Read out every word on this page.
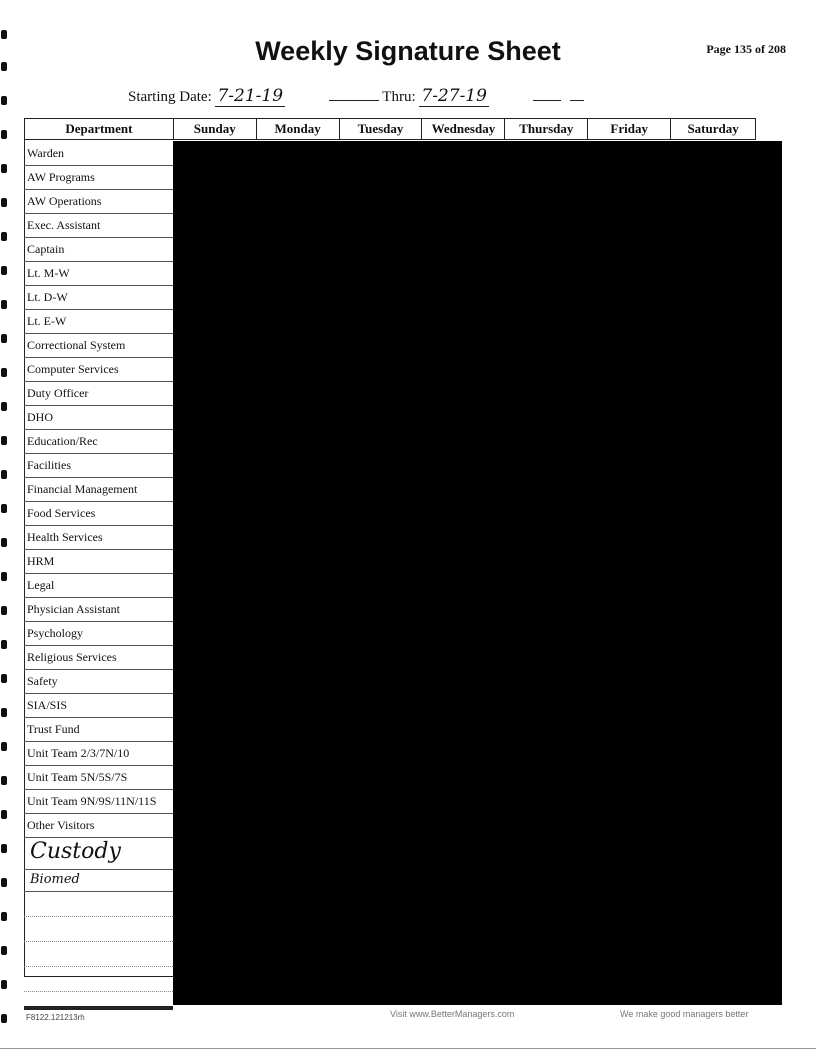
Weekly Signature Sheet	Page 135 of 208
Starting Date: 7-21-19	Thru: 7-27-19
Department	Sunday	Monday	Tuesday	Wednesday	Thursday	Friday	Saturday
Warden
AW Programs
AW Operations
Exec. Assistant
Captain
Lt. M-W
Lt. D-W
Lt. E-W
Correctional System
Computer Services
Duty Officer
DHO
Education/Rec
Facilities
Financial Management
Food Services
Health Services
HRM
Legal
Physician Assistant
Psychology
Religious Services
Safety
SIA/SIS
Trust Fund
Unit Team 2/3/7N/10
Unit Team 5N/5S/7S
Unit Team 9N/9S/11N/11S
Other Visitors
Custody
Biomed
F8122.121213rh	Visit www.BetterManagers.com	We make good managers better
